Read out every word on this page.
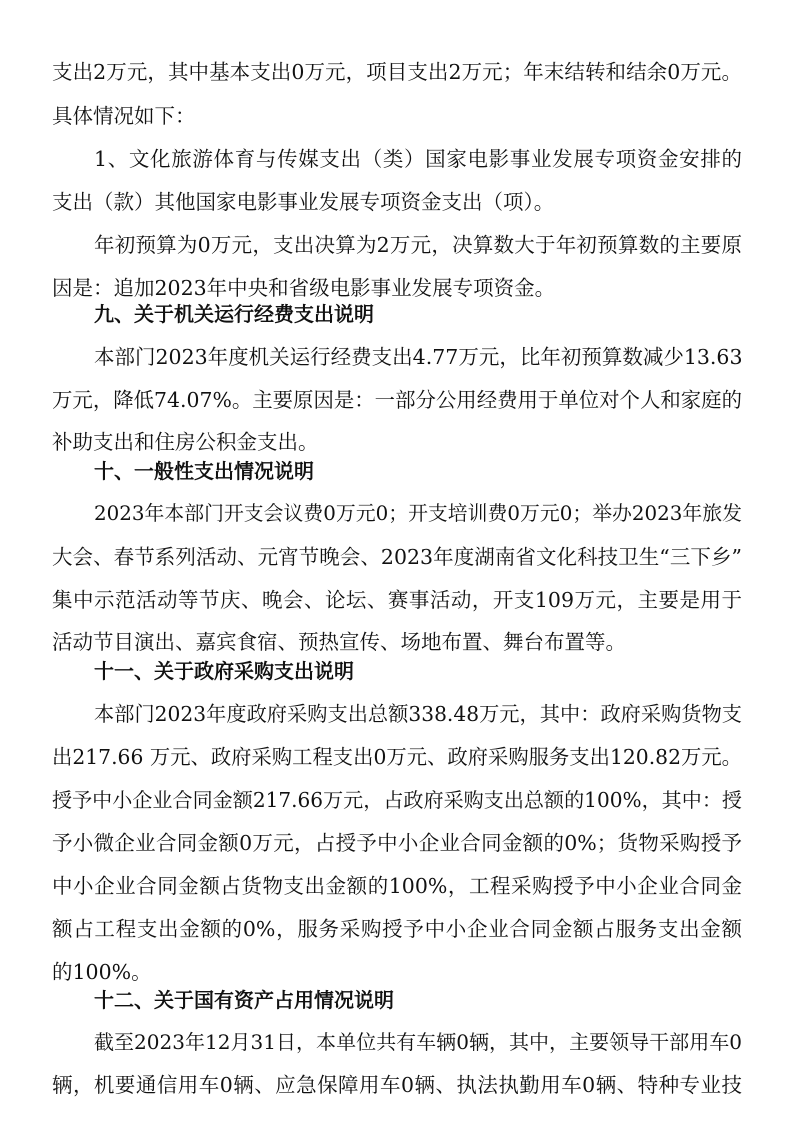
支出2万元，其中基本支出0万元，项目支出2万元；年末结转和结余0万元。
具体情况如下：
1、文化旅游体育与传媒支出（类）国家电影事业发展专项资金安排的
支出（款）其他国家电影事业发展专项资金支出（项）。
年初预算为0万元，支出决算为2万元，决算数大于年初预算数的主要原
因是：追加2023年中央和省级电影事业发展专项资金。
九、关于机关运行经费支出说明
本部门2023年度机关运行经费支出4.77万元，比年初预算数减少13.63
万元，降低74.07%。主要原因是：一部分公用经费用于单位对个人和家庭的
补助支出和住房公积金支出。
十、一般性支出情况说明
2023年本部门开支会议费0万元0；开支培训费0万元0；举办2023年旅发
大会、春节系列活动、元宵节晚会、2023年度湖南省文化科技卫生“三下乡”
集中示范活动等节庆、晚会、论坛、赛事活动，开支109万元，主要是用于
活动节目演出、嘉宾食宿、预热宣传、场地布置、舞台布置等。
十一、关于政府采购支出说明
本部门2023年度政府采购支出总额338.48万元，其中：政府采购货物支
出217.66 万元、政府采购工程支出0万元、政府采购服务支出120.82万元。
授予中小企业合同金额217.66万元，占政府采购支出总额的100%，其中：授
予小微企业合同金额0万元，占授予中小企业合同金额的0%；货物采购授予
中小企业合同金额占货物支出金额的100%，工程采购授予中小企业合同金
额占工程支出金额的0%，服务采购授予中小企业合同金额占服务支出金额
的100%。
十二、关于国有资产占用情况说明
截至2023年12月31日，本单位共有车辆0辆，其中，主要领导干部用车0
辆，机要通信用车0辆、应急保障用车0辆、执法执勤用车0辆、特种专业技
